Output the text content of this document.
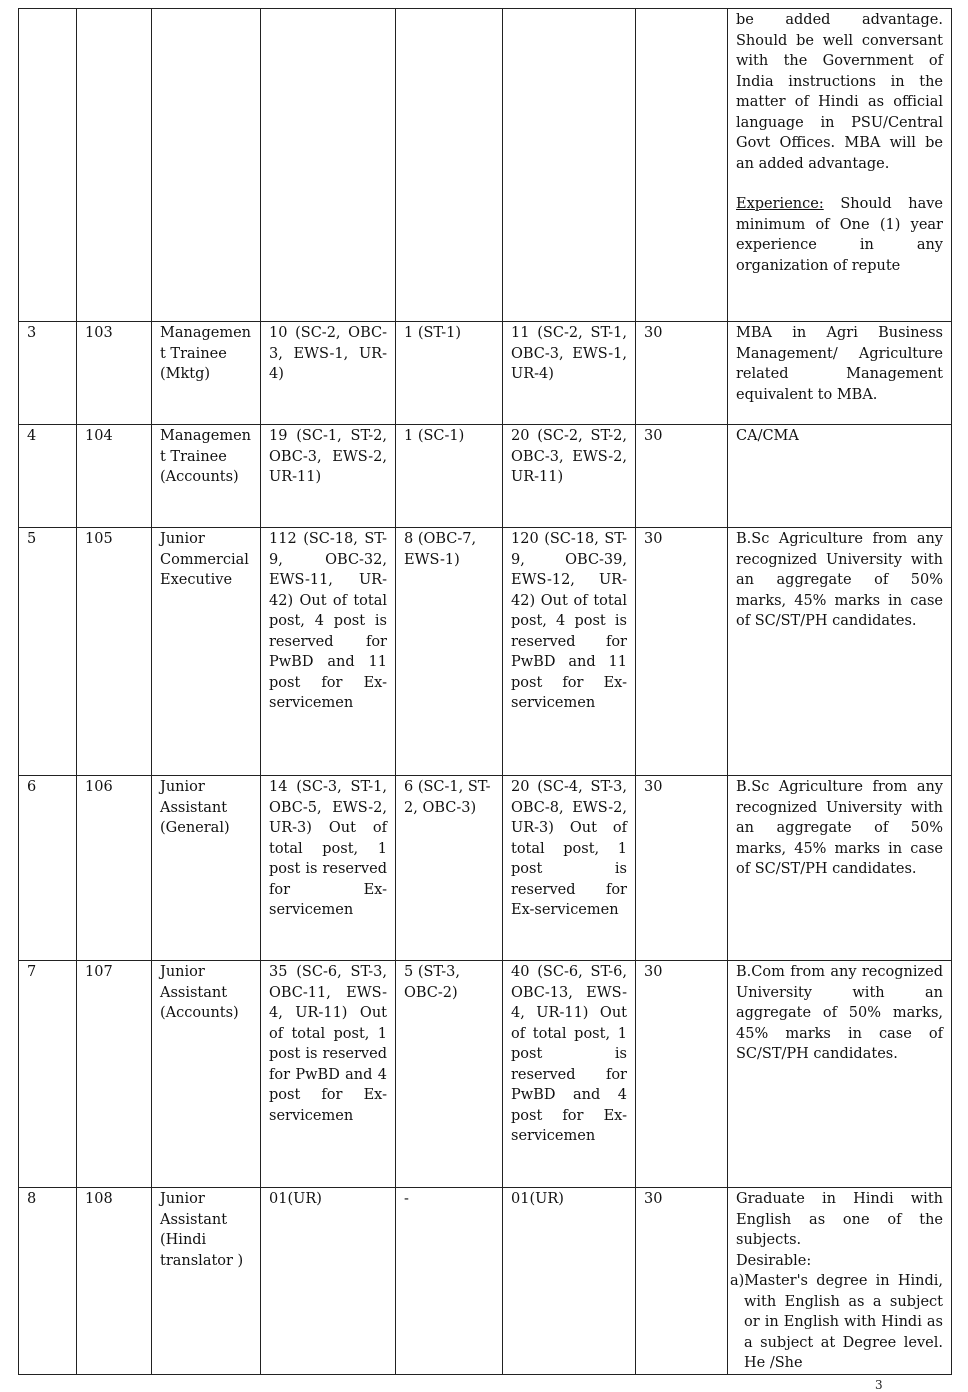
							be added advantage. Should be well conversant with the Government of India instructions in the matter of Hindi as official language in PSU/Central Govt Offices. MBA will be an added advantage.
Experience: Should have minimum of One (1) year experience in any organization of repute

3	103	Management Trainee (Mktg)	10 (SC-2, OBC-3, EWS-1, UR-4)	1 (ST-1)	11 (SC-2, ST-1, OBC-3, EWS-1, UR-4)	30	MBA in Agri Business Management/ Agriculture related Management equivalent to MBA.
4	104	Management Trainee (Accounts)	19 (SC-1, ST-2, OBC-3, EWS-2, UR-11)	1 (SC-1)	20 (SC-2, ST-2, OBC-3, EWS-2, UR-11)	30	CA/CMA
5	105	Junior Commercial Executive	112 (SC-18, ST-9, OBC-32, EWS-11, UR-42) Out of total post, 4 post is reserved for PwBD and 11 post for Ex-servicemen	8 (OBC-7, EWS-1)	120 (SC-18, ST-9, OBC-39, EWS-12, UR-42) Out of total post, 4 post is reserved for PwBD and 11 post for Ex-servicemen	30	B.Sc Agriculture from any recognized University with an aggregate of 50% marks, 45% marks in case of SC/ST/PH candidates.
6	106	Junior Assistant (General)	14 (SC-3, ST-1, OBC-5, EWS-2, UR-3) Out of total post, 1 post is reserved for Ex-servicemen	6 (SC-1, ST-2, OBC-3)	20 (SC-4, ST-3, OBC-8, EWS-2, UR-3) Out of total post, 1 post is reserved for Ex-servicemen	30	B.Sc Agriculture from any recognized University with an aggregate of 50% marks, 45% marks in case of SC/ST/PH candidates.
7	107	Junior Assistant (Accounts)	35 (SC-6, ST-3, OBC-11, EWS- 4, UR-11) Out of total post, 1 post is reserved for PwBD and 4 post for Ex-servicemen	5 (ST-3, OBC-2)	40 (SC-6, ST-6, OBC-13, EWS- 4, UR-11) Out of total post, 1 post is reserved for PwBD and 4 post for Ex-servicemen	30	B.Com from any recognized University with an aggregate of 50% marks, 45% marks in case of SC/ST/PH candidates.
8	108	Junior Assistant (Hindi translator )	01(UR)	-	01(UR)	30	Graduate in Hindi with English as one of the subjects.
Desirable:
a)Master's degree in Hindi, with English as a subject or in English with Hindi as a subject at Degree level. He /She
3
